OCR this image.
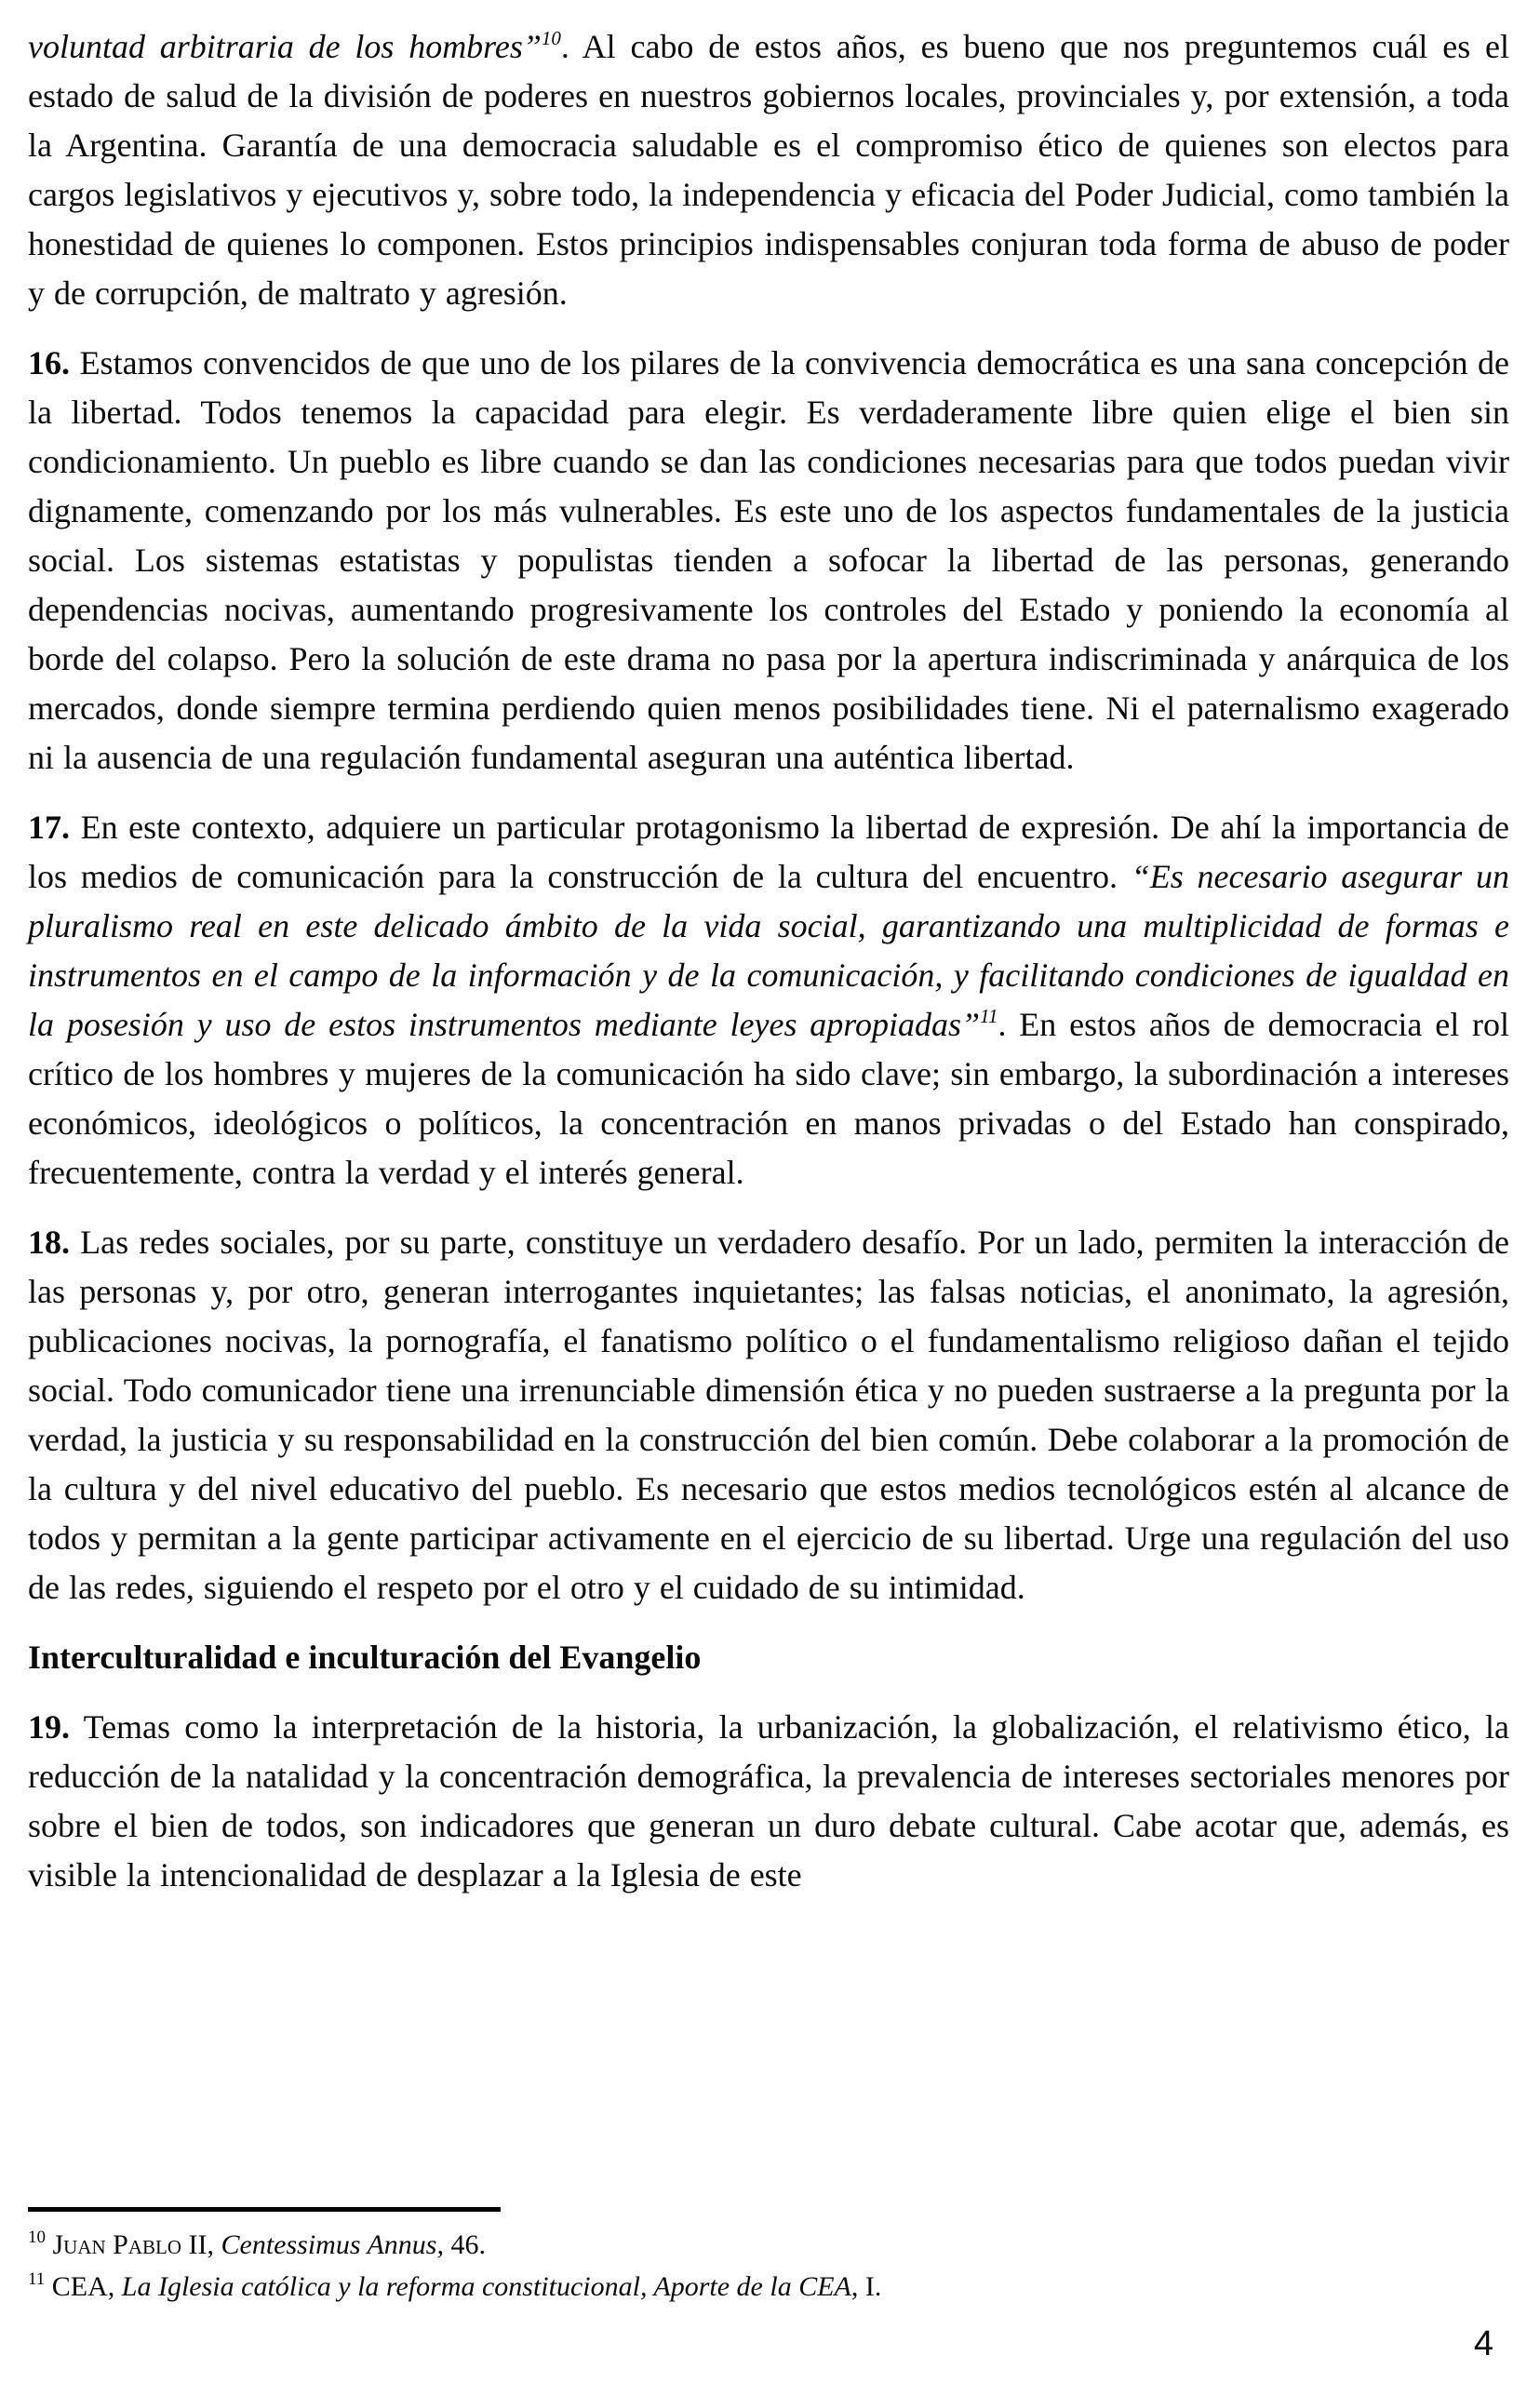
voluntad arbitraria de los hombres”$^{10}$. Al cabo de estos años, es bueno que nos preguntemos cuál es el estado de salud de la división de poderes en nuestros gobiernos locales, provinciales y, por extensión, a toda la Argentina. Garantía de una democracia saludable es el compromiso ético de quienes son electos para cargos legislativos y ejecutivos y, sobre todo, la independencia y eficacia del Poder Judicial, como también la honestidad de quienes lo componen. Estos principios indispensables conjuran toda forma de abuso de poder y de corrupción, de maltrato y agresión.

16. Estamos convencidos de que uno de los pilares de la convivencia democrática es una sana concepción de la libertad. Todos tenemos la capacidad para elegir. Es verdaderamente libre quien elige el bien sin condicionamiento. Un pueblo es libre cuando se dan las condiciones necesarias para que todos puedan vivir dignamente, comenzando por los más vulnerables. Es este uno de los aspectos fundamentales de la justicia social. Los sistemas estatistas y populistas tienden a sofocar la libertad de las personas, generando dependencias nocivas, aumentando progresivamente los controles del Estado y poniendo la economía al borde del colapso. Pero la solución de este drama no pasa por la apertura indiscriminada y anárquica de los mercados, donde siempre termina perdiendo quien menos posibilidades tiene. Ni el paternalismo exagerado ni la ausencia de una regulación fundamental aseguran una auténtica libertad.

17. En este contexto, adquiere un particular protagonismo la libertad de expresión. De ahí la importancia de los medios de comunicación para la construcción de la cultura del encuentro. “Es necesario asegurar un pluralismo real en este delicado ámbito de la vida social, garantizando una multiplicidad de formas e instrumentos en el campo de la información y de la comunicación, y facilitando condiciones de igualdad en la posesión y uso de estos instrumentos mediante leyes apropiadas”$^{11}$. En estos años de democracia el rol crítico de los hombres y mujeres de la comunicación ha sido clave; sin embargo, la subordinación a intereses económicos, ideológicos o políticos, la concentración en manos privadas o del Estado han conspirado, frecuentemente, contra la verdad y el interés general.

18. Las redes sociales, por su parte, constituye un verdadero desafío. Por un lado, permiten la interacción de las personas y, por otro, generan interrogantes inquietantes; las falsas noticias, el anonimato, la agresión, publicaciones nocivas, la pornografía, el fanatismo político o el fundamentalismo religioso dañan el tejido social. Todo comunicador tiene una irrenunciable dimensión ética y no pueden sustraerse a la pregunta por la verdad, la justicia y su responsabilidad en la construcción del bien común. Debe colaborar a la promoción de la cultura y del nivel educativo del pueblo. Es necesario que estos medios tecnológicos estén al alcance de todos y permitan a la gente participar activamente en el ejercicio de su libertad. Urge una regulación del uso de las redes, siguiendo el respeto por el otro y el cuidado de su intimidad.

Interculturalidad e inculturación del Evangelio

19. Temas como la interpretación de la historia, la urbanización, la globalización, el relativismo ético, la reducción de la natalidad y la concentración demográfica, la prevalencia de intereses sectoriales menores por sobre el bien de todos, son indicadores que generan un duro debate cultural. Cabe acotar que, además, es visible la intencionalidad de desplazar a la Iglesia de este

$^{10}$ Juan Pablo II, Centessimus Annus, 46.

$^{11}$ CEA, La Iglesia católica y la reforma constitucional, Aporte de la CEA, I.

4
